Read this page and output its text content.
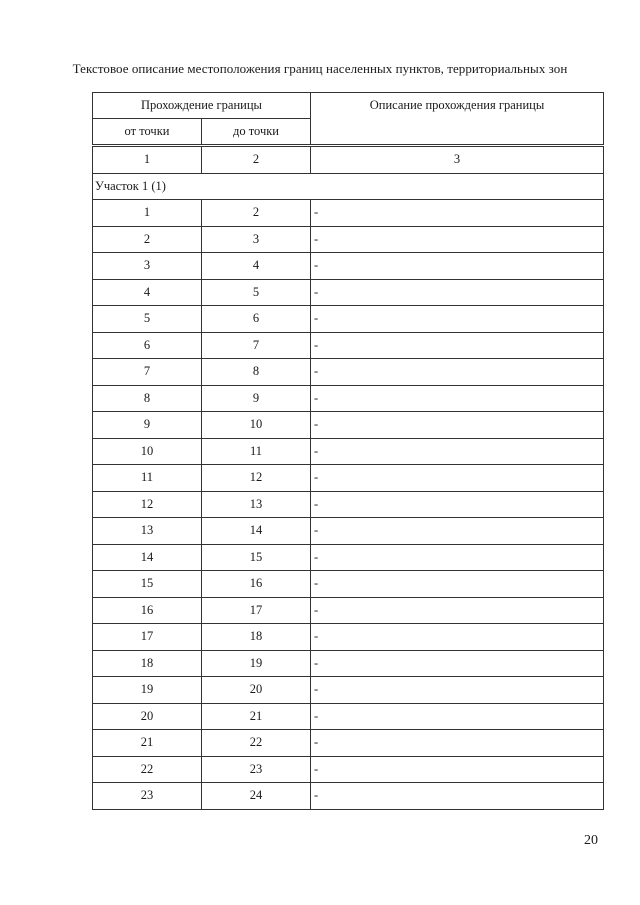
Текстовое описание местоположения границ населенных пунктов, территориальных зон
Прохождение границы		Описание прохождения границы
от точки	до точки	
1	2	3
Участок 1 (1)		
1	2	-
2	3	-
3	4	-
4	5	-
5	6	-
6	7	-
7	8	-
8	9	-
9	10	-
10	11	-
11	12	-
12	13	-
13	14	-
14	15	-
15	16	-
16	17	-
17	18	-
18	19	-
19	20	-
20	21	-
21	22	-
22	23	-
23	24	-
20
